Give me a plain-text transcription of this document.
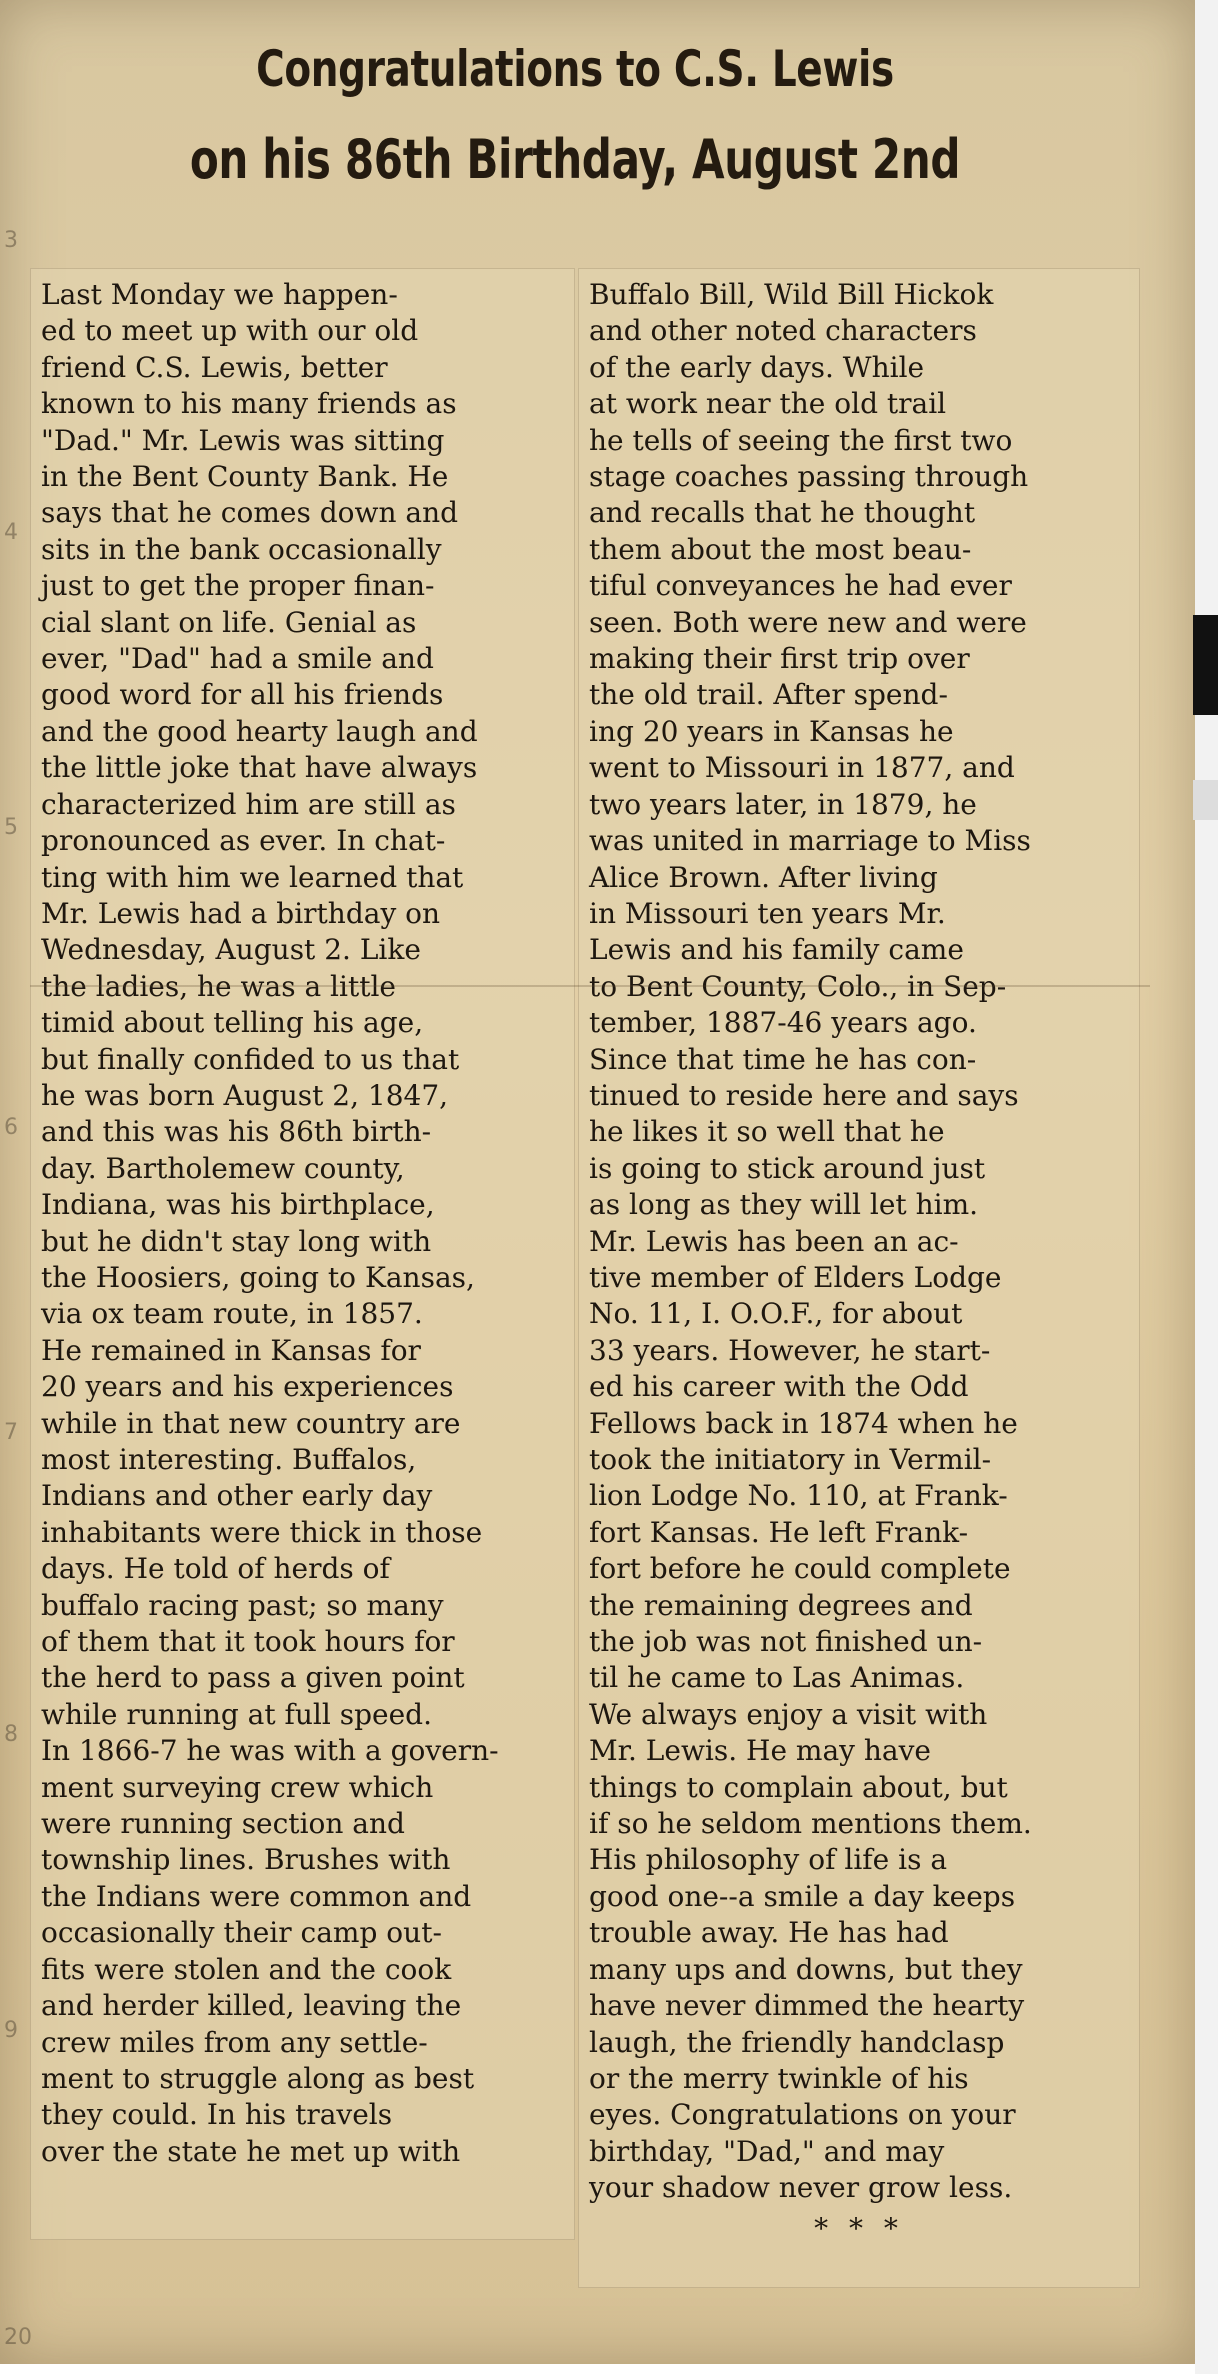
Congratulations to C.S. Lewis
on his 86th Birthday, August 2nd
3
4
5
6
7
8
9
20

Last Monday we happen-
ed to meet up with our old
friend C.S. Lewis, better
known to his many friends as
"Dad." Mr. Lewis was sitting
in the Bent County Bank. He
says that he comes down and
sits in the bank occasionally
just to get the proper finan-
cial slant on life. Genial as
ever, "Dad" had a smile and
good word for all his friends
and the good hearty laugh and
the little joke that have always
characterized him are still as
pronounced as ever. In chat-
ting with him we learned that
Mr. Lewis had a birthday on
Wednesday, August 2. Like
the ladies, he was a little
timid about telling his age,
but finally confided to us that
he was born August 2, 1847,
and this was his 86th birth-
day. Bartholemew county,
Indiana, was his birthplace,
but he didn't stay long with
the Hoosiers, going to Kansas,
via ox team route, in 1857.
He remained in Kansas for
20 years and his experiences
while in that new country are
most interesting. Buffalos,
Indians and other early day
inhabitants were thick in those
days. He told of herds of
buffalo racing past; so many
of them that it took hours for
the herd to pass a given point
while running at full speed.
In 1866-7 he was with a govern-
ment surveying crew which
were running section and
township lines. Brushes with
the Indians were common and
occasionally their camp out-
fits were stolen and the cook
and herder killed, leaving the
crew miles from any settle-
ment to struggle along as best
they could. In his travels
over the state he met up with

Buffalo Bill, Wild Bill Hickok
and other noted characters
of the early days. While
at work near the old trail
he tells of seeing the first two
stage coaches passing through
and recalls that he thought
them about the most beau-
tiful conveyances he had ever
seen. Both were new and were
making their first trip over
the old trail. After spend-
ing 20 years in Kansas he
went to Missouri in 1877, and
two years later, in 1879, he
was united in marriage to Miss
Alice Brown. After living
in Missouri ten years Mr.
Lewis and his family came
to Bent County, Colo., in Sep-
tember, 1887-46 years ago.
Since that time he has con-
tinued to reside here and says
he likes it so well that he
is going to stick around just
as long as they will let him.

Mr. Lewis has been an ac-
tive member of Elders Lodge
No. 11, I. O.O.F., for about
33 years. However, he start-
ed his career with the Odd
Fellows back in 1874 when he
took the initiatory in Vermil-
lion Lodge No. 110, at Frank-
fort Kansas. He left Frank-
fort before he could complete
the remaining degrees and
the job was not finished un-
til he came to Las Animas.

We always enjoy a visit with
Mr. Lewis. He may have
things to complain about, but
if so he seldom mentions them.
His philosophy of life is a
good one--a smile a day keeps
trouble away. He has had
many ups and downs, but they
have never dimmed the hearty
laugh, the friendly handclasp
or the merry twinkle of his
eyes. Congratulations on your
birthday, "Dad," and may
your shadow never grow less.

* * *
